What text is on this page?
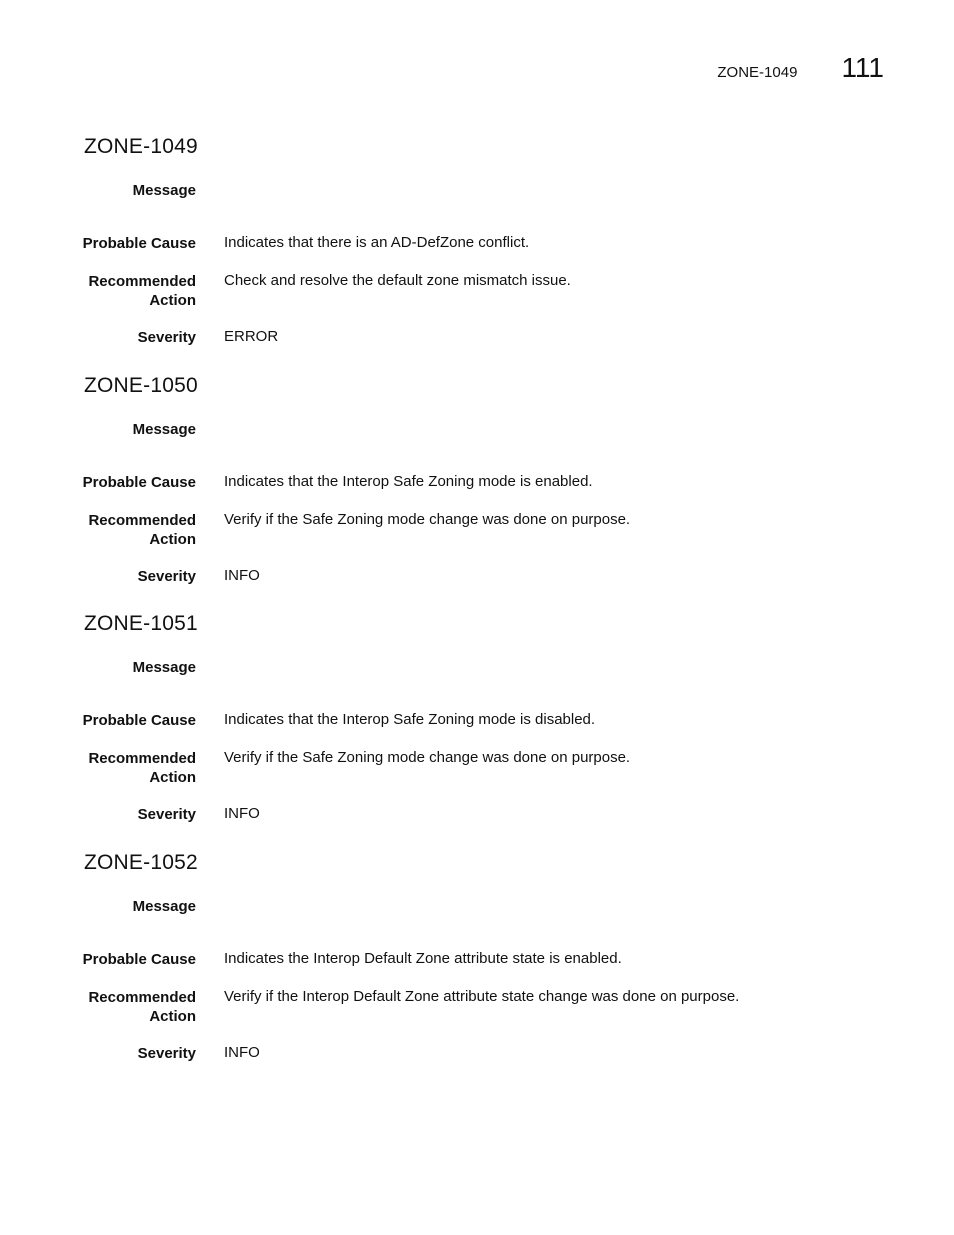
ZONE-1049 111
ZONE-1049
Message
Probable Cause Indicates that there is an AD-DefZone conflict.
Recommended
Action
Check and resolve the default zone mismatch issue.
Severity ERROR
ZONE-1050
Message
Probable Cause Indicates that the Interop Safe Zoning mode is enabled.
Recommended
Action
Verify if the Safe Zoning mode change was done on purpose.
Severity INFO
ZONE-1051
Message
Probable Cause Indicates that the Interop Safe Zoning mode is disabled.
Recommended
Action
Verify if the Safe Zoning mode change was done on purpose.
Severity INFO
ZONE-1052
Message
Probable Cause Indicates the Interop Default Zone attribute state is enabled.
Recommended
Action
Verify if the Interop Default Zone attribute state change was done on purpose.
Severity INFO
